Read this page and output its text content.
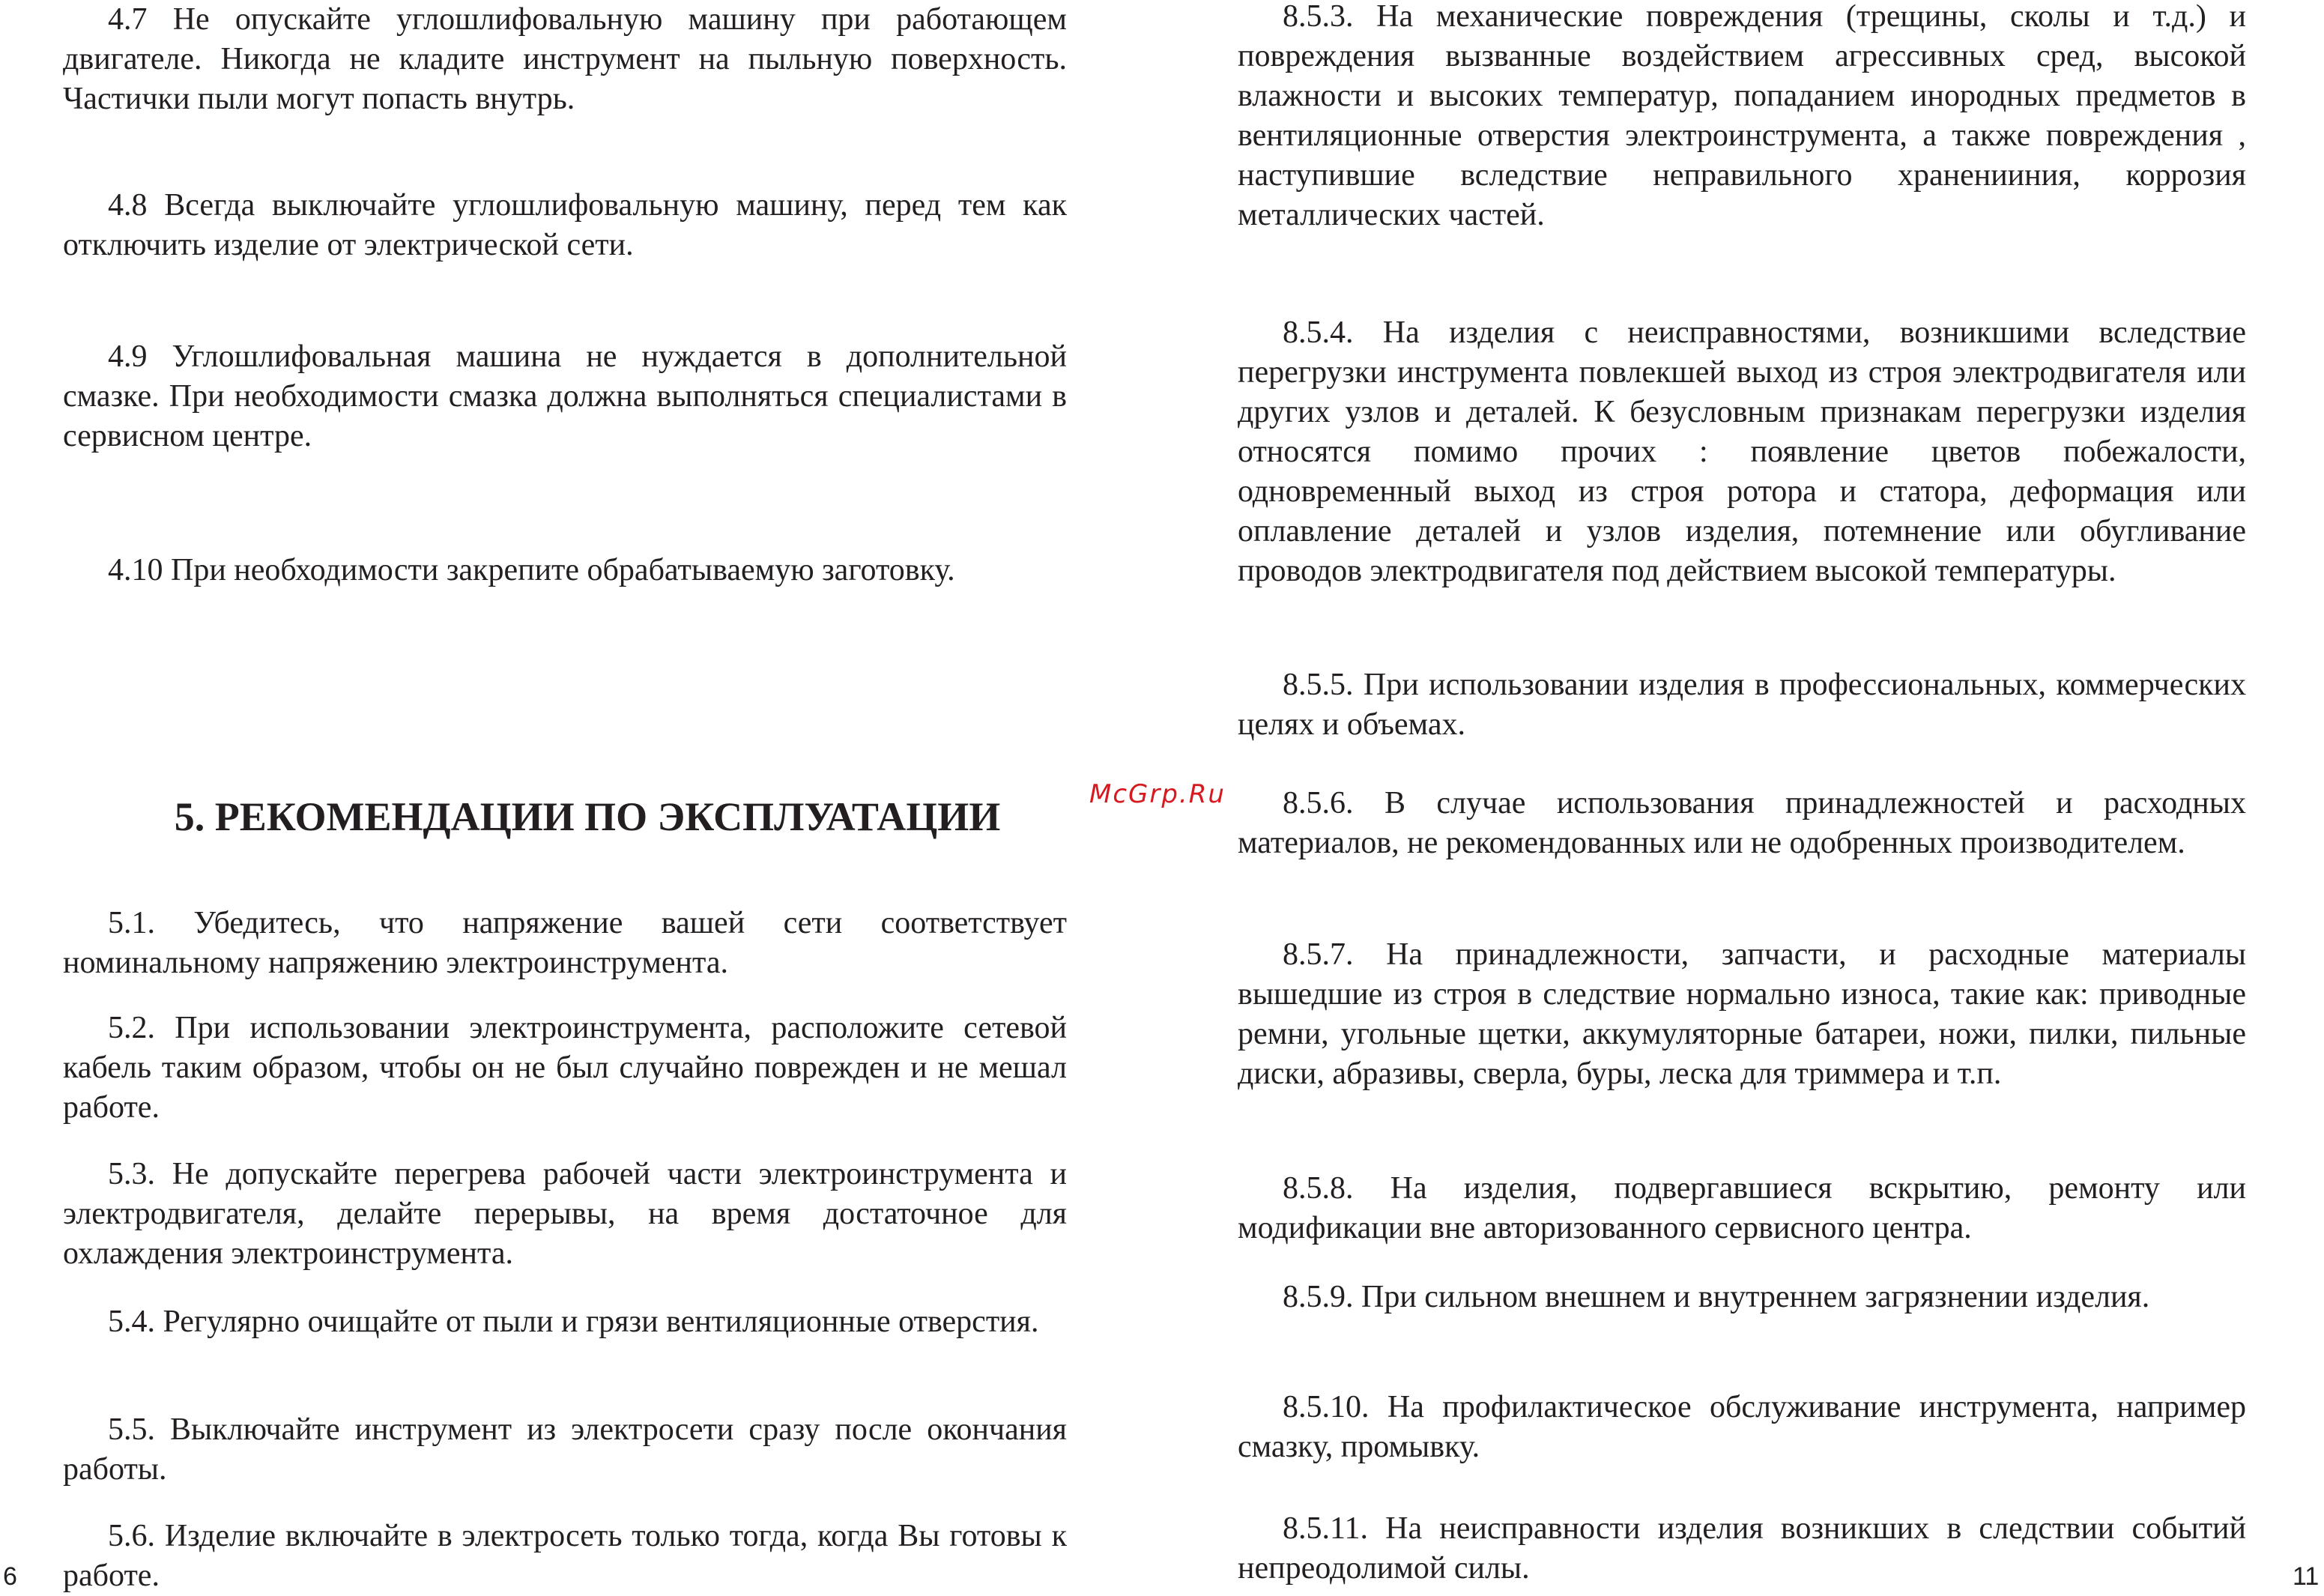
4.7 Не опускайте углошлифовальную машину при работающем двигателе. Никогда не кладите инструмент на пыльную поверхность. Частички пыли могут попасть внутрь.

4.8 Всегда выключайте углошлифовальную машину, перед тем как отключить изделие от электрической сети.

4.9 Углошлифовальная машина не нуждается в дополнительной смазке. При необходимости смазка должна выполняться специалистами в сервисном центре.

4.10 При необходимости закрепите обрабатываемую заготовку.

5. РЕКОМЕНДАЦИИ ПО ЭКСПЛУАТАЦИИ

5.1. Убедитесь, что напряжение вашей сети соответствует номинальному напряжению электроинструмента.

5.2. При использовании электроинструмента, расположите сетевой кабель таким образом, чтобы он не был случайно поврежден и не мешал работе.

5.3. Не допускайте перегрева рабочей части электроинструмента и электродвигателя, делайте перерывы, на время достаточное для охлаждения электроинструмента.

5.4. Регулярно очищайте от пыли и грязи вентиляционные отверстия.

5.5. Выключайте инструмент из электросети сразу после окончания работы.

5.6. Изделие включайте в электросеть только тогда, когда Вы готовы к работе.

6
McGrp.Ru

8.5.3. На механические повреждения (трещины, сколы и т.д.) и повреждения вызванные воздействием агрессивных сред, высокой влажности и высоких температур, попаданием инородных предметов в вентиляционные отверстия электроинструмента, а также повреждения , наступившие вследствие неправильного храненииния, коррозия металлических частей.

8.5.4. На изделия с неисправностями, возникшими вследствие перегрузки инструмента повлекшей выход из строя электродвигателя или других узлов и деталей. К безусловным признакам перегрузки изделия относятся помимо прочих : появление цветов побежалости, одновременный выход из строя ротора и статора, деформация или оплавление деталей и узлов изделия, потемнение или обугливание проводов электродвигателя под действием высокой температуры.

8.5.5. При использовании изделия в профессиональных, коммерческих целях и объемах.

8.5.6. В случае использования принадлежностей и расходных материалов, не рекомендованных или не одобренных производителем.

8.5.7. На принадлежности, запчасти, и расходные материалы вышедшие из строя в следствие нормально износа, такие как: приводные ремни, угольные щетки, аккумуляторные батареи, ножи, пилки, пильные диски, абразивы, сверла, буры, леска для триммера и т.п.

8.5.8. На изделия, подвергавшиеся вскрытию, ремонту или модификации вне авторизованного сервисного центра.

8.5.9. При сильном внешнем и внутреннем загрязнении изделия.

8.5.10. На профилактическое обслуживание инструмента, например смазку, промывку.

8.5.11. На неисправности изделия возникших в следствии событий непреодолимой силы.	11
